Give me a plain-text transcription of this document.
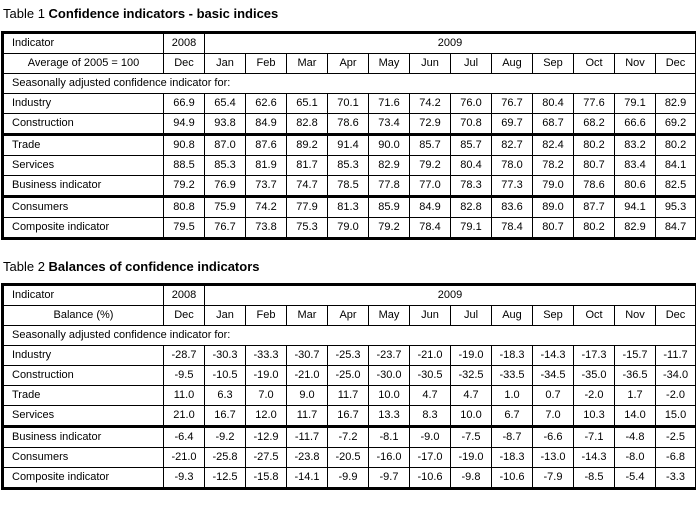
Table 1 Confidence indicators - basic indices
Indicator	2008	2009											
Average of 2005 = 100	Dec	Jan	Feb	Mar	Apr	May	Jun	Jul	Aug	Sep	Oct	Nov	Dec
Seasonally adjusted confidence indicator for:													
Industry	66.9	65.4	62.6	65.1	70.1	71.6	74.2	76.0	76.7	80.4	77.6	79.1	82.9
Construction	94.9	93.8	84.9	82.8	78.6	73.4	72.9	70.8	69.7	68.7	68.2	66.6	69.2
Trade	90.8	87.0	87.6	89.2	91.4	90.0	85.7	85.7	82.7	82.4	80.2	83.2	80.2
Services	88.5	85.3	81.9	81.7	85.3	82.9	79.2	80.4	78.0	78.2	80.7	83.4	84.1
Business indicator	79.2	76.9	73.7	74.7	78.5	77.8	77.0	78.3	77.3	79.0	78.6	80.6	82.5
Consumers	80.8	75.9	74.2	77.9	81.3	85.9	84.9	82.8	83.6	89.0	87.7	94.1	95.3
Composite indicator	79.5	76.7	73.8	75.3	79.0	79.2	78.4	79.1	78.4	80.7	80.2	82.9	84.7
Table 2 Balances of confidence indicators
Indicator	2008	2009											
Balance (%)	Dec	Jan	Feb	Mar	Apr	May	Jun	Jul	Aug	Sep	Oct	Nov	Dec
Seasonally adjusted confidence indicator for:													
Industry	-28.7	-30.3	-33.3	-30.7	-25.3	-23.7	-21.0	-19.0	-18.3	-14.3	-17.3	-15.7	-11.7
Construction	-9.5	-10.5	-19.0	-21.0	-25.0	-30.0	-30.5	-32.5	-33.5	-34.5	-35.0	-36.5	-34.0
Trade	11.0	6.3	7.0	9.0	11.7	10.0	4.7	4.7	1.0	0.7	-2.0	1.7	-2.0
Services	21.0	16.7	12.0	11.7	16.7	13.3	8.3	10.0	6.7	7.0	10.3	14.0	15.0
Business indicator	-6.4	-9.2	-12.9	-11.7	-7.2	-8.1	-9.0	-7.5	-8.7	-6.6	-7.1	-4.8	-2.5
Consumers	-21.0	-25.8	-27.5	-23.8	-20.5	-16.0	-17.0	-19.0	-18.3	-13.0	-14.3	-8.0	-6.8
Composite indicator	-9.3	-12.5	-15.8	-14.1	-9.9	-9.7	-10.6	-9.8	-10.6	-7.9	-8.5	-5.4	-3.3
